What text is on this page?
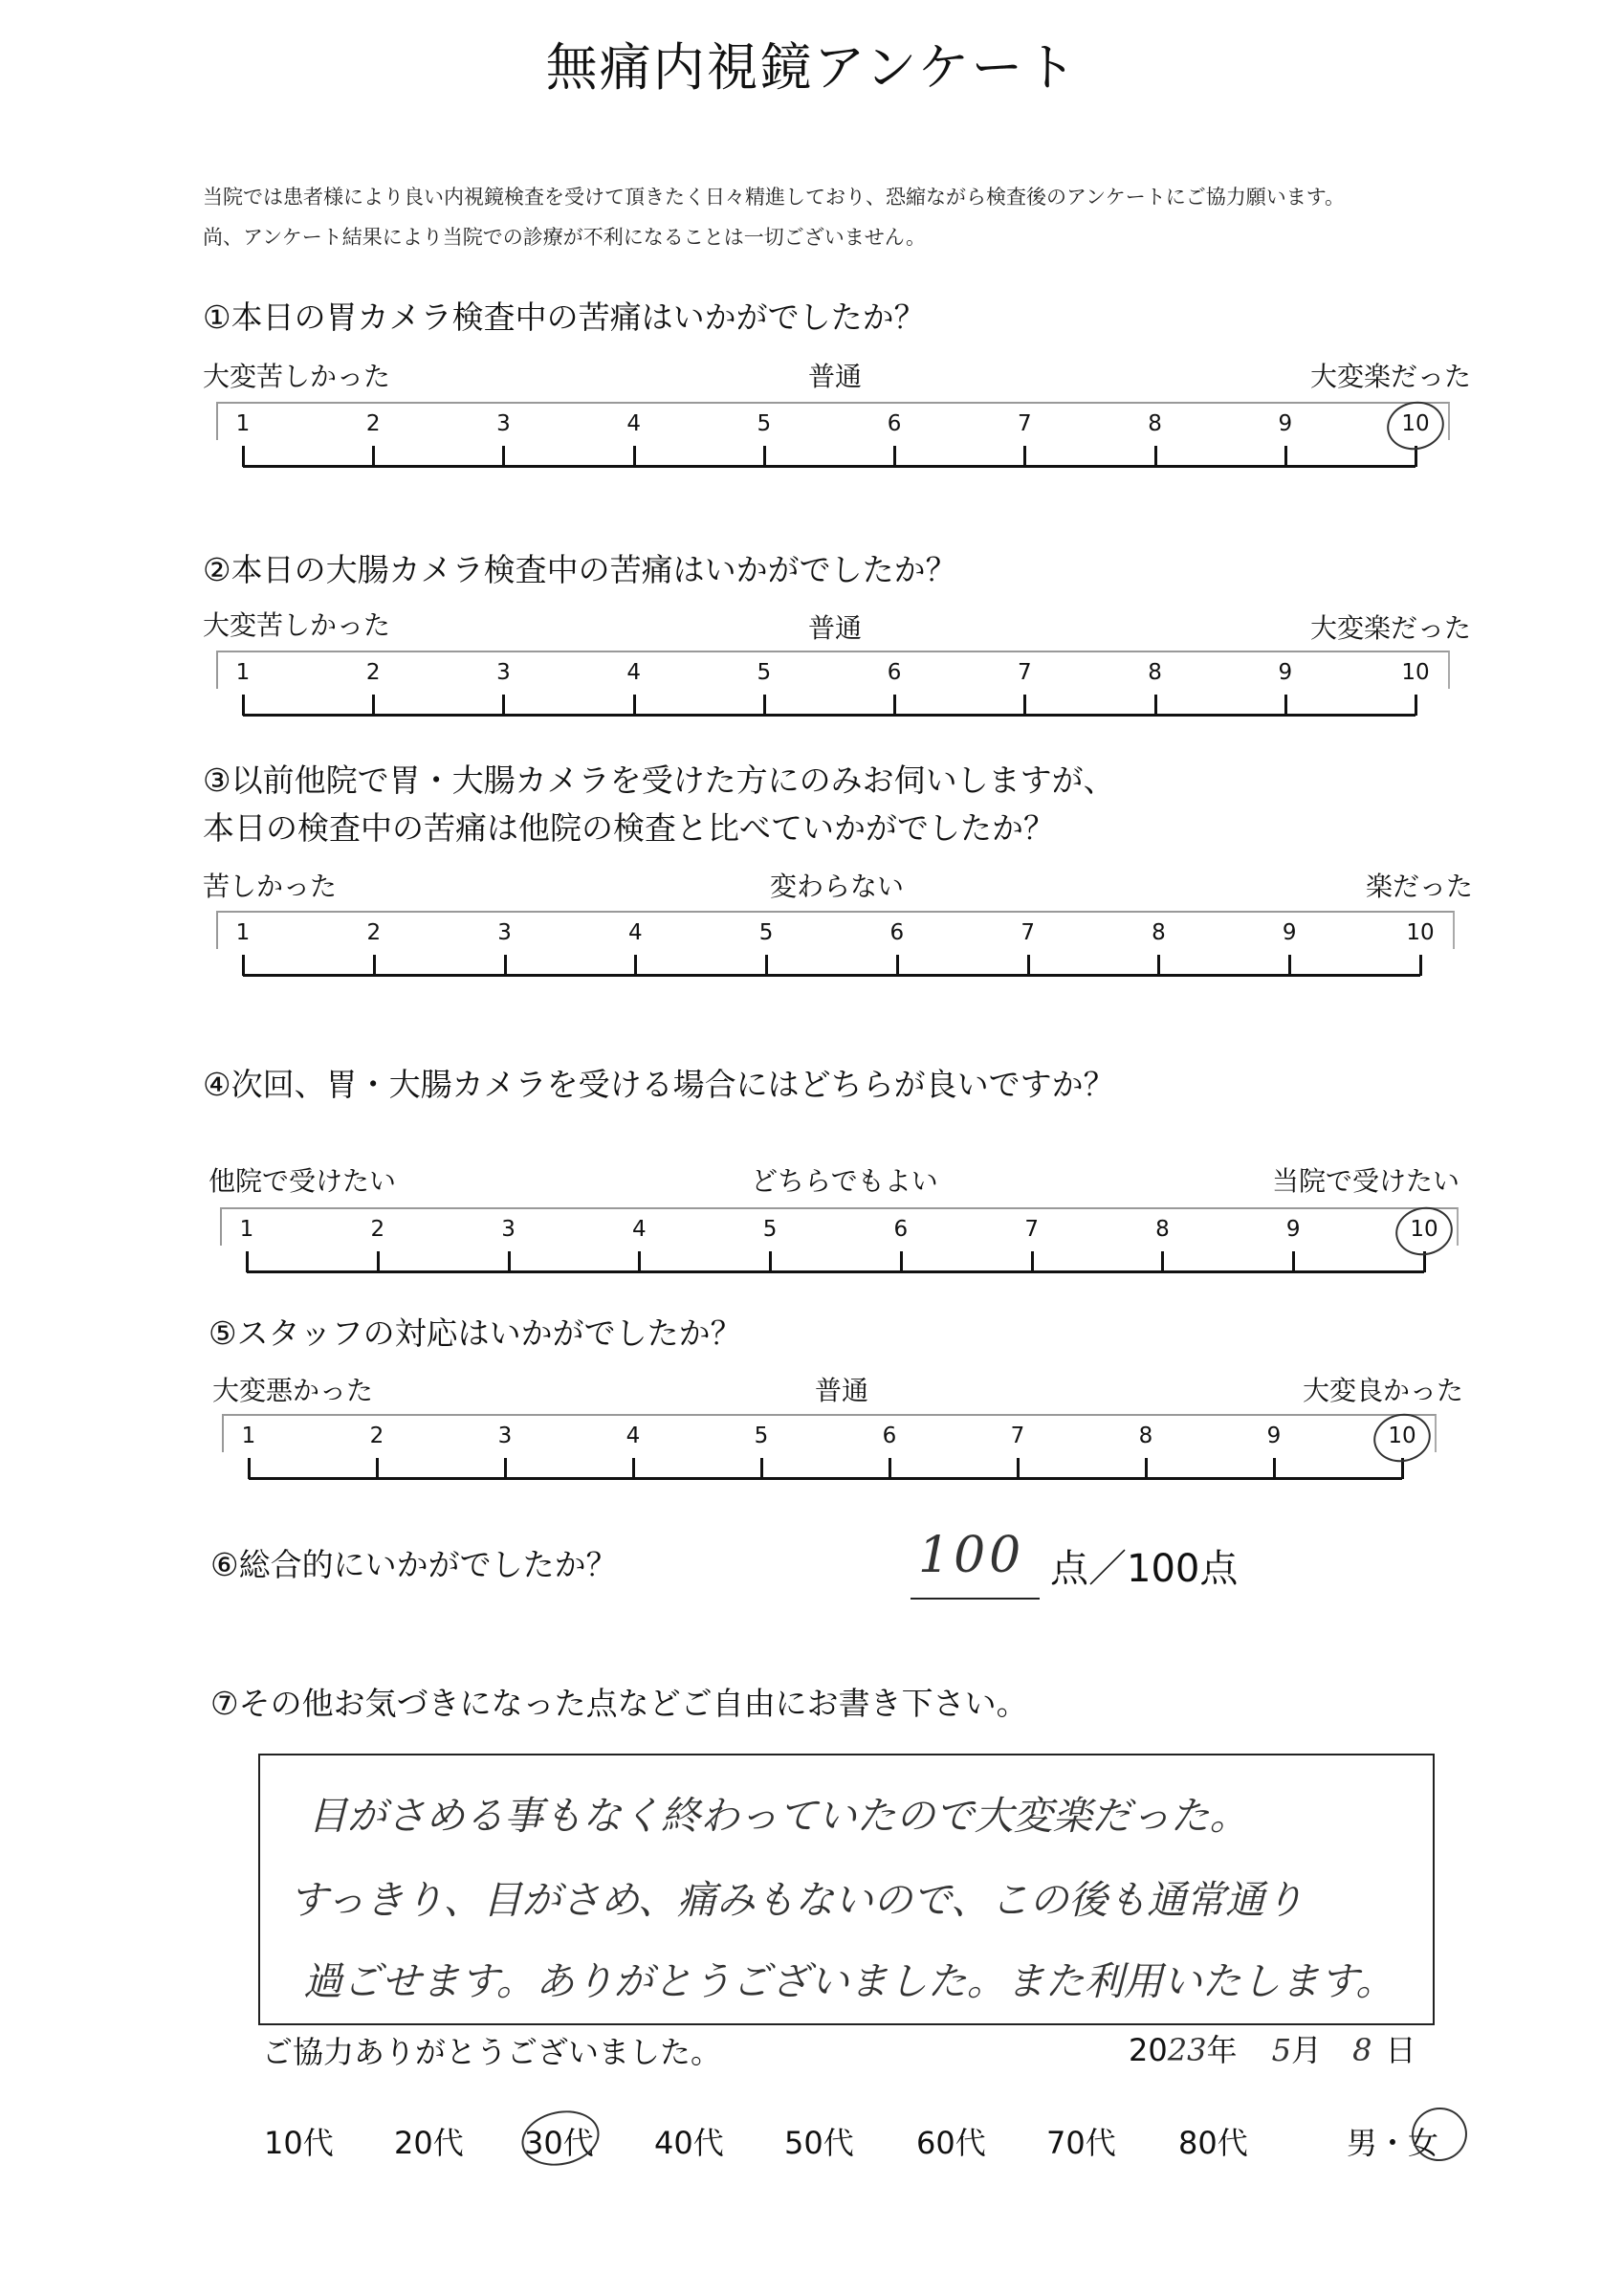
無痛内視鏡アンケート
当院では患者様により良い内視鏡検査を受けて頂きたく日々精進しており、恐縮ながら検査後のアンケートにご協力願います。
尚、アンケート結果により当院での診療が不利になることは一切ございません。
①本日の胃カメラ検査中の苦痛はいかがでしたか？
大変苦しかった	普通	大変楽だった
1	2	3	4	5	6	7	8	9	10
②本日の大腸カメラ検査中の苦痛はいかがでしたか？
大変苦しかった	普通	大変楽だった
1	2	3	4	5	6	7	8	9	10
③以前他院で胃・大腸カメラを受けた方にのみお伺いしますが、
本日の検査中の苦痛は他院の検査と比べていかがでしたか？
苦しかった	変わらない	楽だった
1	2	3	4	5	6	7	8	9	10
④次回、胃・大腸カメラを受ける場合にはどちらが良いですか？
他院で受けたい	どちらでもよい	当院で受けたい
1	2	3	4	5	6	7	8	9	10
⑤スタッフの対応はいかがでしたか？
大変悪かった	普通	大変良かった
1	2	3	4	5	6	7	8	9	10
⑥総合的にいかがでしたか？	100 点／100点
⑦その他お気づきになった点などご自由にお書き下さい。
目がさめる事もなく終わっていたので大変楽だった。
すっきり、目がさめ、痛みもないので、この後も通常通り
過ごせます。ありがとうございました。また利用いたします。
ご協力ありがとうございました。	2023年 5月 8 日
10代 20代 30代 40代 50代 60代 70代 80代	男・女
